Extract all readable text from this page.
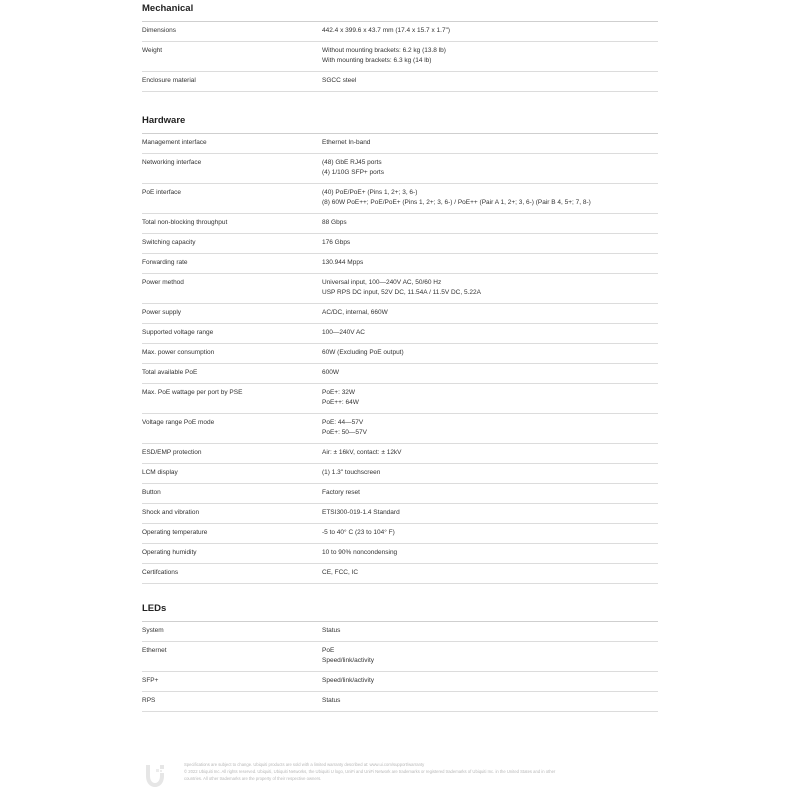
Mechanical
Dimensions	442.4 x 399.6 x 43.7 mm (17.4 x 15.7 x 1.7")
Weight	Without mounting brackets: 6.2 kg (13.8 lb)
With mounting brackets: 6.3 kg (14 lb)
Enclosure material	SGCC steel
Hardware
Management interface	Ethernet In-band
Networking interface	(48) GbE RJ45 ports
(4) 1/10G SFP+ ports
PoE interface	(40) PoE/PoE+ (Pins 1, 2+; 3, 6-)
(8) 60W PoE++; PoE/PoE+ (Pins 1, 2+; 3, 6-) / PoE++ (Pair A 1, 2+; 3, 6-) (Pair B 4, 5+; 7, 8-)
Total non-blocking throughput	88 Gbps
Switching capacity	176 Gbps
Forwarding rate	130.944 Mpps
Power method	Universal input, 100—240V AC, 50/60 Hz
USP RPS DC input, 52V DC, 11.54A / 11.5V DC, 5.22A
Power supply	AC/DC, internal, 660W
Supported voltage range	100—240V AC
Max. power consumption	60W (Excluding PoE output)
Total available PoE	600W
Max. PoE wattage per port by PSE	PoE+: 32W
PoE++: 64W
Voltage range PoE mode	PoE: 44—57V
PoE+: 50—57V
ESD/EMP protection	Air: ± 16kV, contact: ± 12kV
LCM display	(1) 1.3" touchscreen
Button	Factory reset
Shock and vibration	ETSI300-019-1.4 Standard
Operating temperature	-5 to 40° C (23 to 104° F)
Operating humidity	10 to 90% noncondensing
Certifcations	CE, FCC, IC
LEDs
System	Status
Ethernet	PoE
Speed/link/activity
SFP+	Speed/link/activity
RPS	Status
Specifications are subject to change. Ubiquiti products are sold with a limited warranty described at: www.ui.com/support/warranty
© 2022 Ubiquiti Inc. All rights reserved. Ubiquiti, Ubiquiti Networks, the Ubiquiti U logo, UniFi and UniFi Network are trademarks or registered trademarks of Ubiquiti Inc. in the United States and in other
countries. All other trademarks are the property of their respective owners.
